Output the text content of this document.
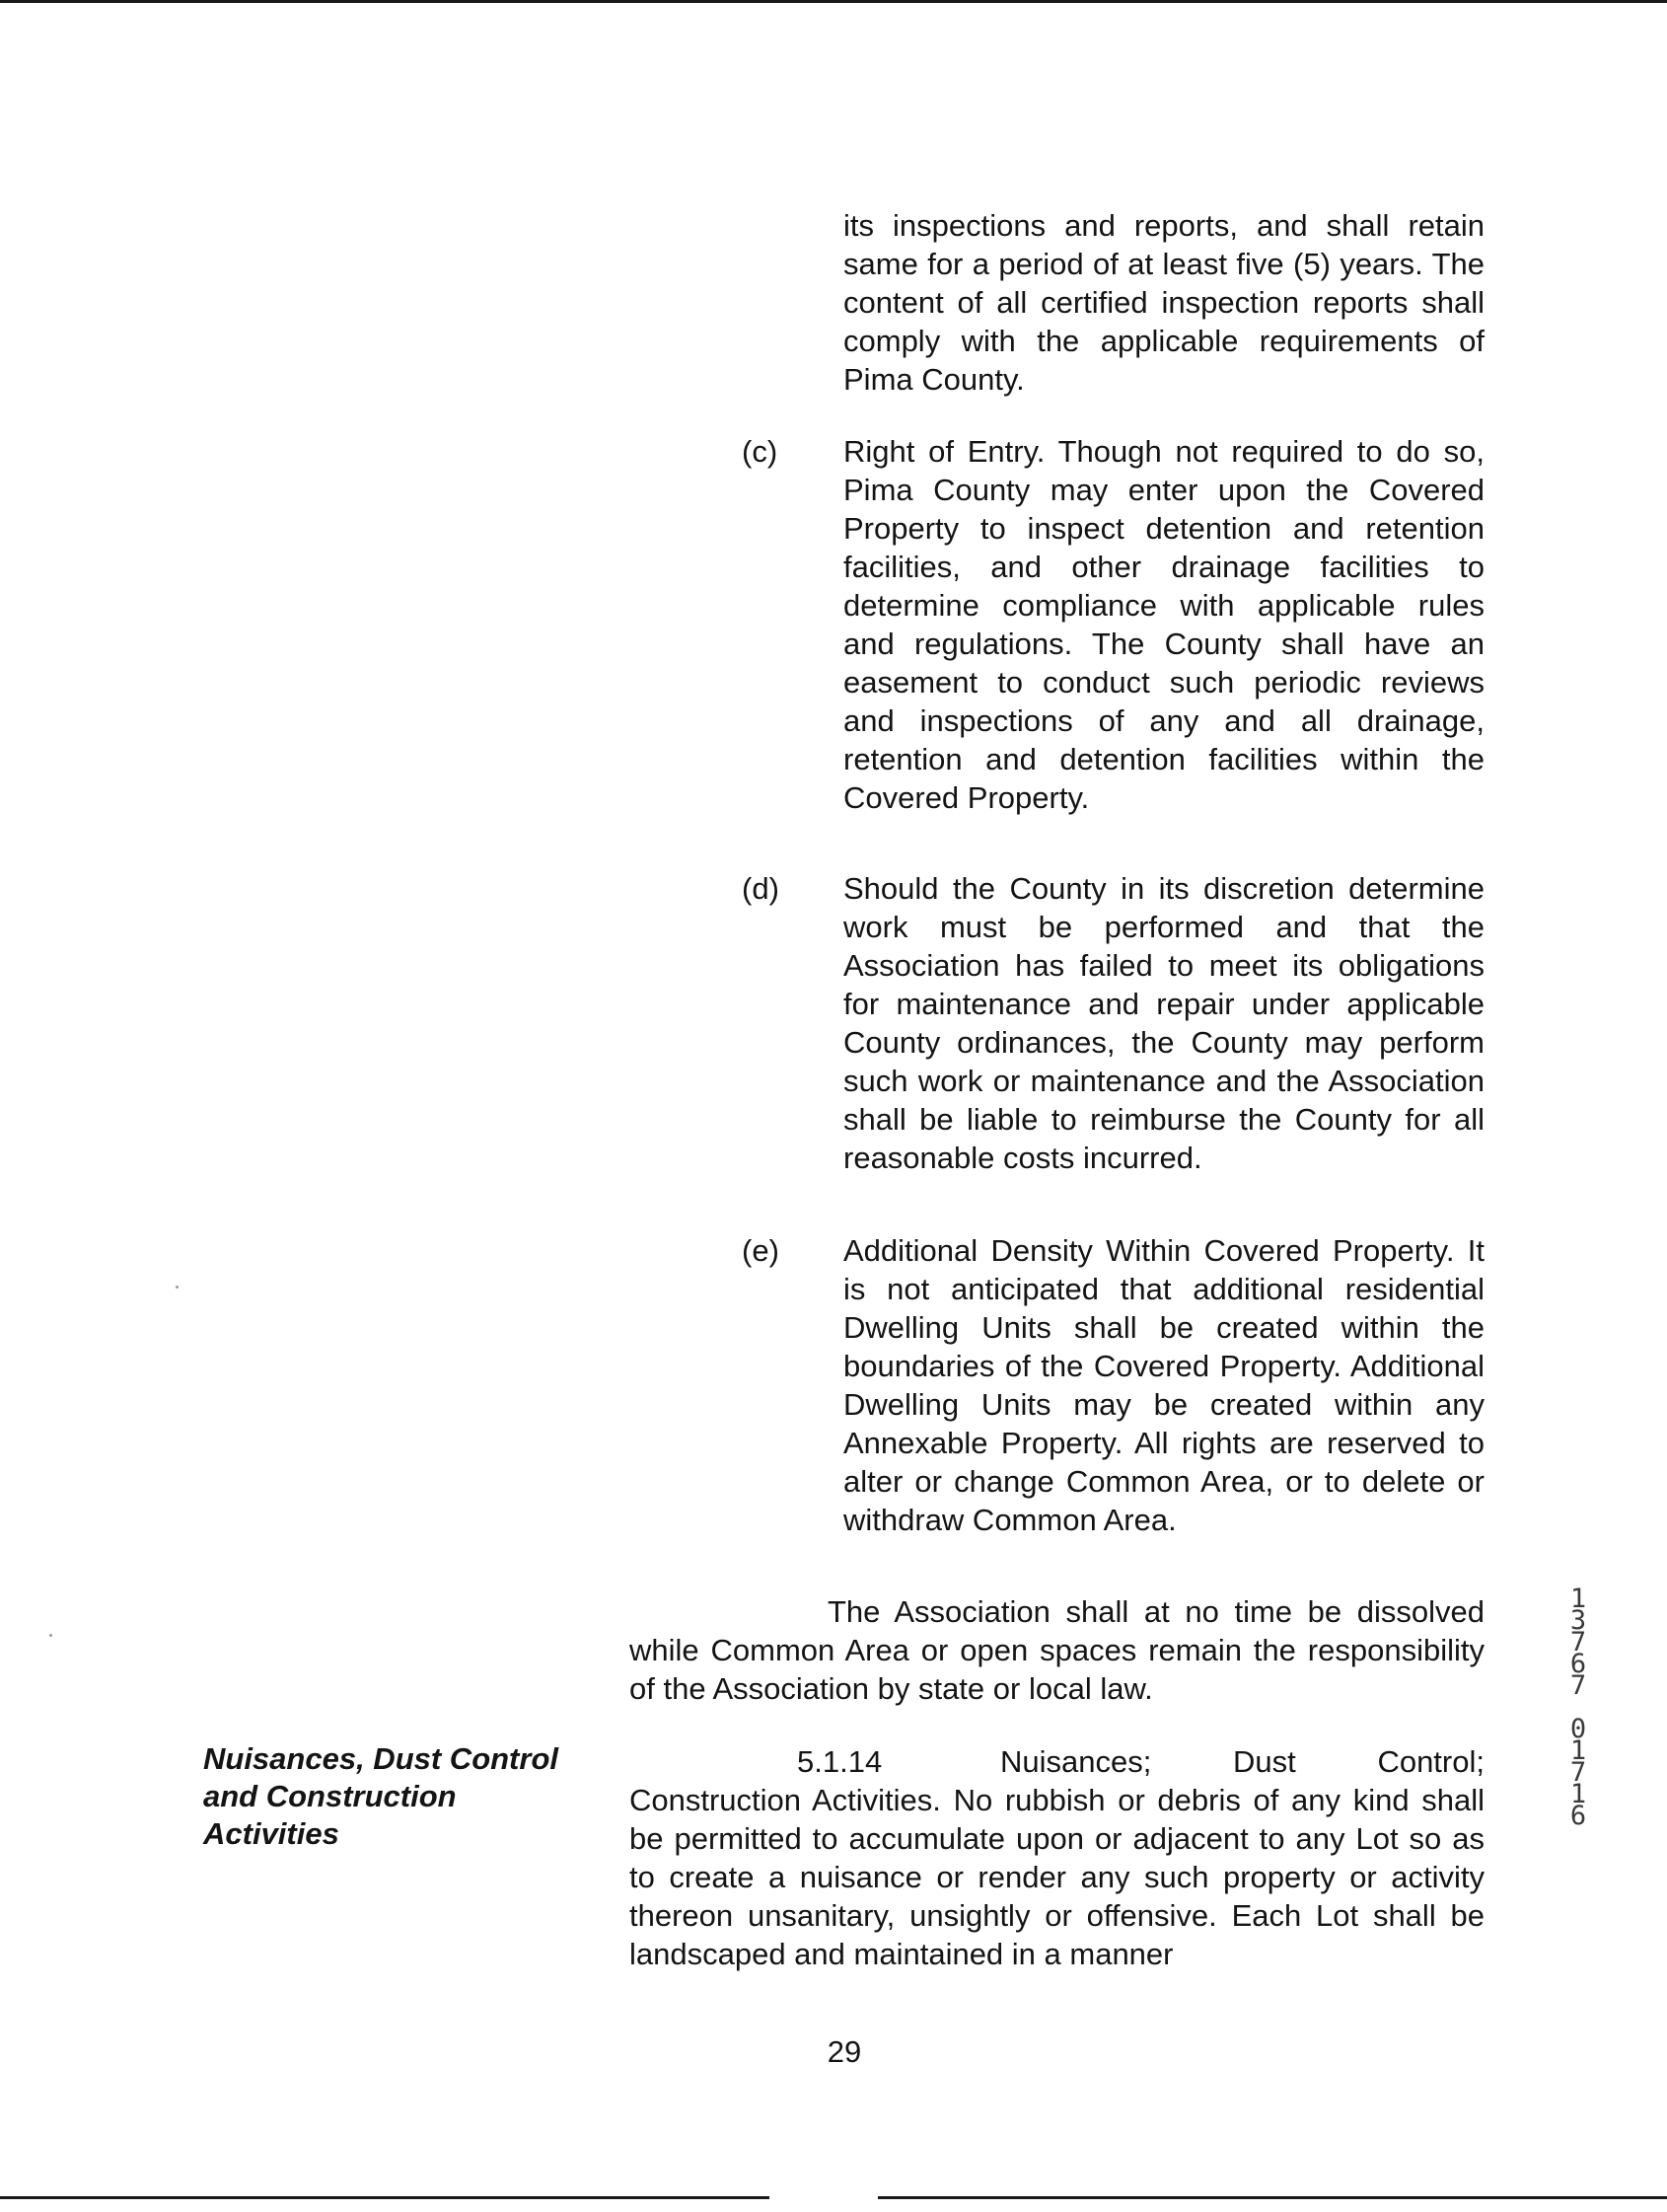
its inspections and reports, and shall retain same for a period of at least five (5) years. The content of all certified inspection reports shall comply with the applicable requirements of Pima County.
(c) Right of Entry. Though not required to do so, Pima County may enter upon the Covered Property to inspect detention and retention facilities, and other drainage facilities to determine compliance with applicable rules and regulations. The County shall have an easement to conduct such periodic reviews and inspections of any and all drainage, retention and detention facilities within the Covered Property.
(d) Should the County in its discretion determine work must be performed and that the Association has failed to meet its obligations for maintenance and repair under applicable County ordinances, the County may perform such work or maintenance and the Association shall be liable to reimburse the County for all reasonable costs incurred.
(e) Additional Density Within Covered Property. It is not anticipated that additional residential Dwelling Units shall be created within the boundaries of the Covered Property. Additional Dwelling Units may be created within any Annexable Property. All rights are reserved to alter or change Common Area, or to delete or withdraw Common Area.
The Association shall at no time be dissolved while Common Area or open spaces remain the responsibility of the Association by state or local law.
Nuisances, Dust Control and Construction Activities
5.1.14	Nuisances; Dust Control; Construction Activities. No rubbish or debris of any kind shall be permitted to accumulate upon or adjacent to any Lot so as to create a nuisance or render any such property or activity thereon unsanitary, unsightly or offensive. Each Lot shall be landscaped and maintained in a manner
29
1
3
7
6
7
0
1
7
1
6
